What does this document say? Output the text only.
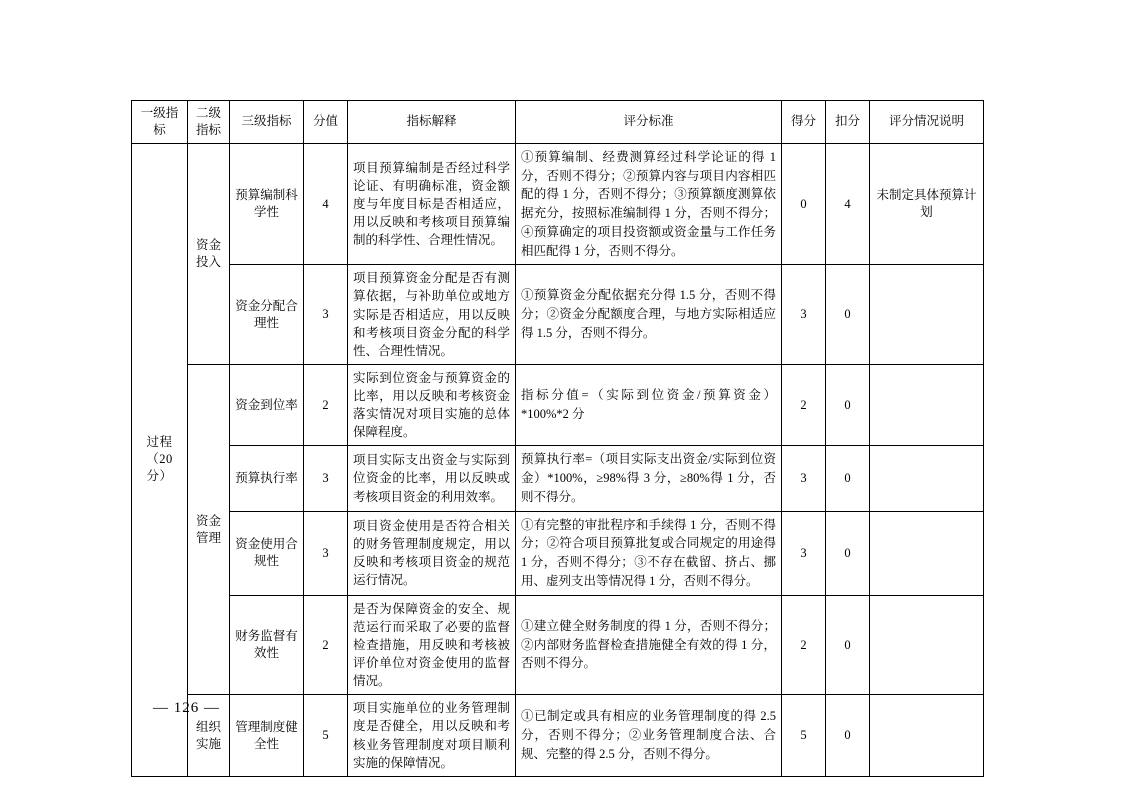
一级指标	二级指标	三级指标	分值	指标解释	评分标准	得分	扣分	评分情况说明

过程（20分）	资金投入	预算编制科学性	4	项目预算编制是否经过科学论证、有明确标准，资金额度与年度目标是否相适应，用以反映和考核项目预算编制的科学性、合理性情况。	①预算编制、经费测算经过科学论证的得 1 分，否则不得分；②预算内容与项目内容相匹配的得 1 分，否则不得分；③预算额度测算依据充分，按照标准编制得 1 分，否则不得分；④预算确定的项目投资额或资金量与工作任务相匹配得 1 分，否则不得分。	0	4	未制定具体预算计划
		资金分配合理性	3	项目预算资金分配是否有测算依据，与补助单位或地方实际是否相适应，用以反映和考核项目资金分配的科学性、合理性情况。	①预算资金分配依据充分得 1.5 分，否则不得分；②资金分配额度合理，与地方实际相适应得 1.5 分，否则不得分。	3	0	
	资金管理	资金到位率	2	实际到位资金与预算资金的比率，用以反映和考核资金落实情况对项目实施的总体保障程度。	指标分值=（实际到位资金/预算资金）*100%*2 分	2	0	
		预算执行率	3	项目实际支出资金与实际到位资金的比率，用以反映或考核项目资金的利用效率。	预算执行率=（项目实际支出资金/实际到位资金）*100%，≥98%得 3 分，≥80%得 1 分，否则不得分。	3	0	
		资金使用合规性	3	项目资金使用是否符合相关的财务管理制度规定，用以反映和考核项目资金的规范运行情况。	①有完整的审批程序和手续得 1 分，否则不得分；②符合项目预算批复或合同规定的用途得 1 分，否则不得分；③不存在截留、挤占、挪用、虚列支出等情况得 1 分，否则不得分。	3	0	
		财务监督有效性	2	是否为保障资金的安全、规范运行而采取了必要的监督检查措施，用反映和考核被评价单位对资金使用的监督情况。	①建立健全财务制度的得 1 分，否则不得分；②内部财务监督检查措施健全有效的得 1 分，否则不得分。	2	0	
	组织实施	管理制度健全性	5	项目实施单位的业务管理制度是否健全，用以反映和考核业务管理制度对项目顺利实施的保障情况。	①已制定或具有相应的业务管理制度的得 2.5 分，否则不得分；②业务管理制度合法、合规、完整的得 2.5 分，否则不得分。	5	0	
— 126 —
